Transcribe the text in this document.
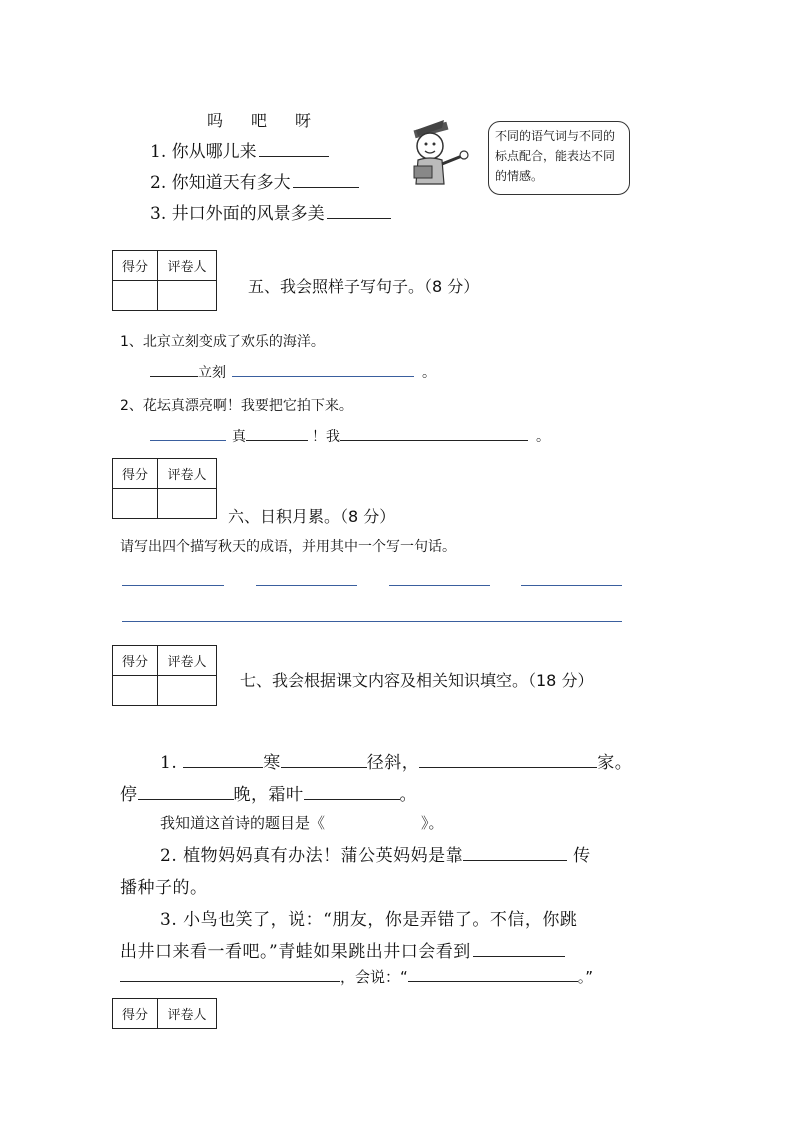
吗　吧　呀
1. 你从哪儿来
2. 你知道天有多大
3. 井口外面的风景多美
不同的语气词与不同的标点配合，能表达不同的情感。
得分	评卷人

五、我会照样子写句子。（8 分）
1、北京立刻变成了欢乐的海洋。
立刻	。
2、花坛真漂亮啊！我要把它拍下来。
真	！我	。
得分	评卷人

六、日积月累。（8 分）
请写出四个描写秋天的成语，并用其中一个写一句话。
得分	评卷人

七、我会根据课文内容及相关知识填空。（18 分）
1.	寒	径斜，	家。
停	晚，霜叶	。
我知道这首诗的题目是《	》。
2. 植物妈妈真有办法！蒲公英妈妈是靠	传
播种子的。
3. 小鸟也笑了，说：“朋友，你是弄错了。不信，你跳
出井口来看一看吧。”青蛙如果跳出井口会看到
，会说：“	。”
得分	评卷人
